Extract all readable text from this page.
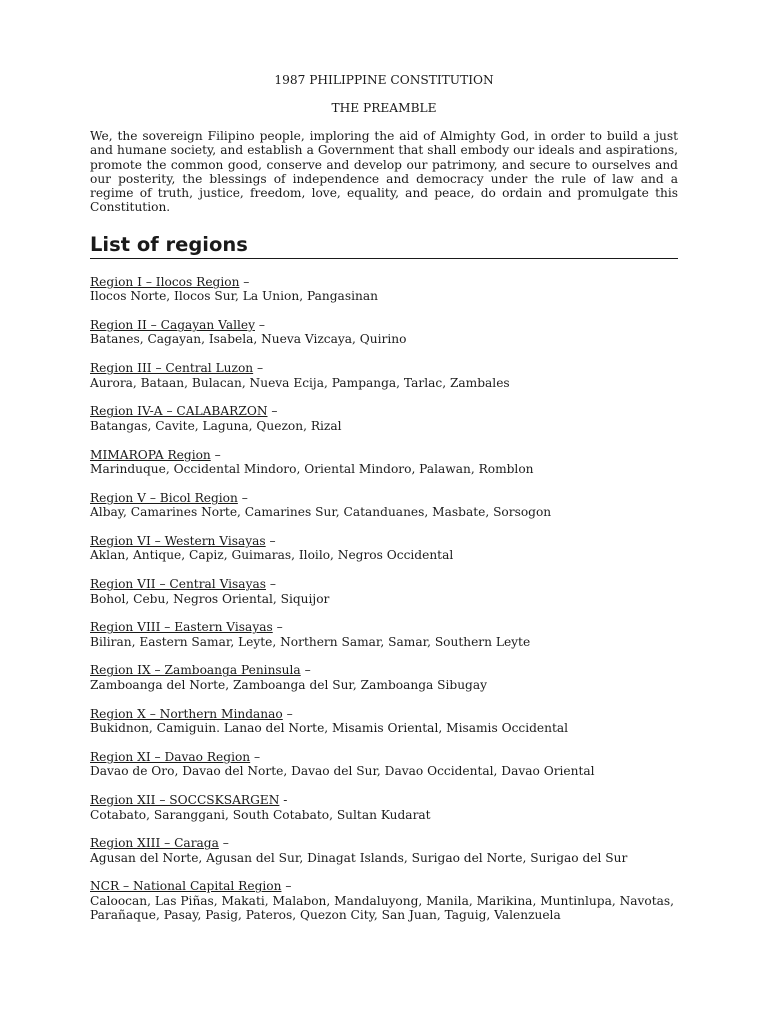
1987 PHILIPPINE CONSTITUTION

THE PREAMBLE

We, the sovereign Filipino people, imploring the aid of Almighty God, in order to build a just and humane society, and establish a Government that shall embody our ideals and aspirations, promote the common good, conserve and develop our patrimony, and secure to ourselves and our posterity, the blessings of independence and democracy under the rule of law and a regime of truth, justice, freedom, love, equality, and peace, do ordain and promulgate this Constitution.

List of regions
Region I – Ilocos Region –
Ilocos Norte, Ilocos Sur, La Union, Pangasinan
Region II – Cagayan Valley –
Batanes, Cagayan, Isabela, Nueva Vizcaya, Quirino
Region III – Central Luzon –
Aurora, Bataan, Bulacan, Nueva Ecija, Pampanga, Tarlac, Zambales
Region IV-A – CALABARZON –
Batangas, Cavite, Laguna, Quezon, Rizal
MIMAROPA Region –
Marinduque, Occidental Mindoro, Oriental Mindoro, Palawan, Romblon
Region V – Bicol Region –
Albay, Camarines Norte, Camarines Sur, Catanduanes, Masbate, Sorsogon
Region VI – Western Visayas –
Aklan, Antique, Capiz, Guimaras, Iloilo, Negros Occidental
Region VII – Central Visayas –
Bohol, Cebu, Negros Oriental, Siquijor
Region VIII – Eastern Visayas –
Biliran, Eastern Samar, Leyte, Northern Samar, Samar, Southern Leyte
Region IX – Zamboanga Peninsula –
Zamboanga del Norte, Zamboanga del Sur, Zamboanga Sibugay
Region X – Northern Mindanao –
Bukidnon, Camiguin. Lanao del Norte, Misamis Oriental, Misamis Occidental
Region XI – Davao Region –
Davao de Oro, Davao del Norte, Davao del Sur, Davao Occidental, Davao Oriental
Region XII – SOCCSKSARGEN -
Cotabato, Saranggani, South Cotabato, Sultan Kudarat
Region XIII – Caraga –
Agusan del Norte, Agusan del Sur, Dinagat Islands, Surigao del Norte, Surigao del Sur
NCR – National Capital Region –
Caloocan, Las Piñas, Makati, Malabon, Mandaluyong, Manila, Marikina, Muntinlupa, Navotas, Parañaque, Pasay, Pasig, Pateros, Quezon City, San Juan, Taguig, Valenzuela
